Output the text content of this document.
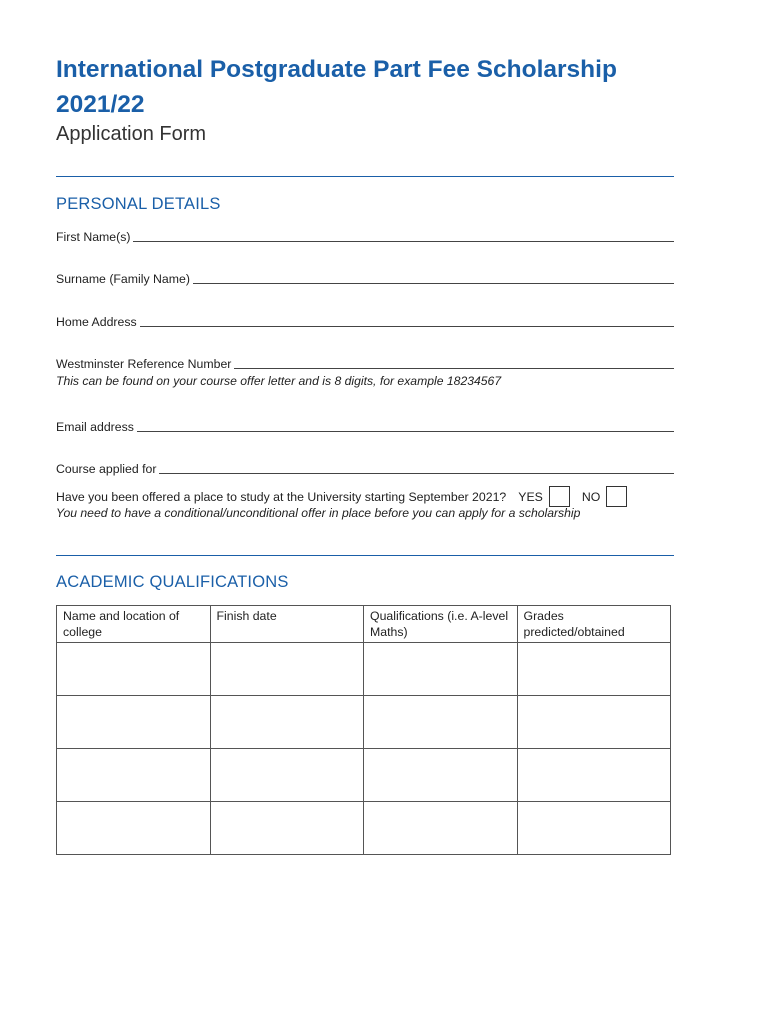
International Postgraduate Part Fee Scholarship 2021/22
Application Form
PERSONAL DETAILS
First Name(s)
Surname (Family Name)
Home Address
Westminster Reference Number
This can be found on your course offer letter and is 8 digits, for example 18234567
Email address
Course applied for
Have you been offered a place to study at the University starting September 2021? YES	NO
You need to have a conditional/unconditional offer in place before you can apply for a scholarship
ACADEMIC QUALIFICATIONS
Name and location of college	Finish date	Qualifications (i.e. A-level Maths)	Grades predicted/obtained
